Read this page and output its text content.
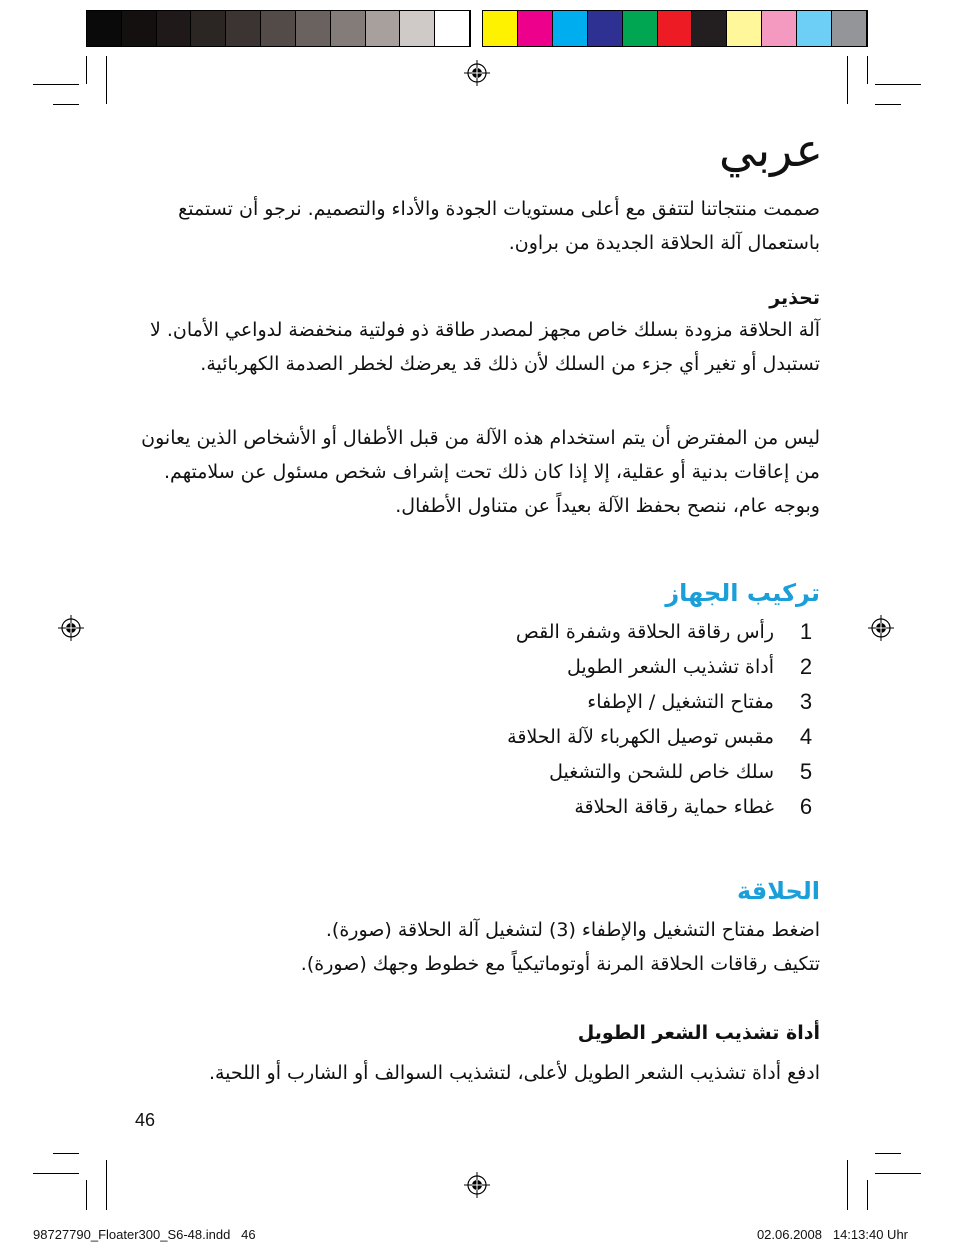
عربي
صممت منتجاتنا لتتفق مع أعلى مستويات الجودة والأداء والتصميم. نرجو أن تستمتع
باستعمال آلة الحلاقة الجديدة من براون.
تحذير
آلة الحلاقة مزودة بسلك خاص مجهز لمصدر طاقة ذو فولتية منخفضة لدواعي الأمان. لا
تستبدل أو تغير أي جزء من السلك لأن ذلك قد يعرضك لخطر الصدمة الكهربائية.
ليس من المفترض أن يتم استخدام هذه الآلة من قبل الأطفال أو الأشخاص الذين يعانون
من إعاقات بدنية أو عقلية، إلا إذا كان ذلك تحت إشراف شخص مسئول عن سلامتهم.
وبوجه عام، ننصح بحفظ الآلة بعيداً عن متناول الأطفال.
تركيب الجهاز
1
رأس رقاقة الحلاقة وشفرة القص
2
أداة تشذيب الشعر الطويل
3
مفتاح التشغيل / الإطفاء
4
مقبس توصيل الكهرباء لآلة الحلاقة
5
سلك خاص للشحن والتشغيل
6
غطاء حماية رقاقة الحلاقة
الحلاقة
اضغط مفتاح التشغيل والإطفاء (3) لتشغيل آلة الحلاقة (صورة).
تتكيف رقاقات الحلاقة المرنة أوتوماتيكياً مع خطوط وجهك (صورة).
أداة تشذيب الشعر الطويل
ادفع أداة تشذيب الشعر الطويل لأعلى، لتشذيب السوالف أو الشارب أو اللحية.
46
98727790_Floater300_S6-48.indd   46	02.06.2008   14:13:40 Uhr
